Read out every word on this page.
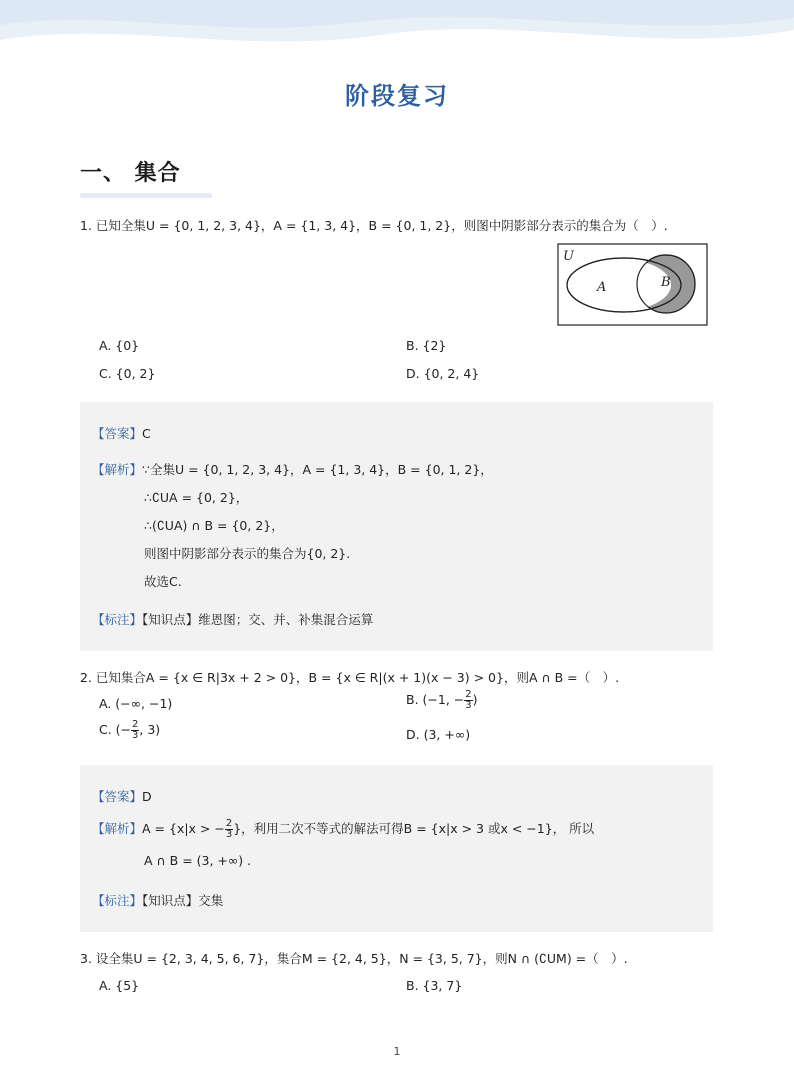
阶段复习
一、 集合
1. 已知全集U = {0, 1, 2, 3, 4}，A = {1, 3, 4}，B = {0, 1, 2}，则图中阴影部分表示的集合为（　）.
U
A	B
A. {0}	B. {2}
C. {0, 2}	D. {0, 2, 4}
【答案】C
【解析】∵全集U = {0, 1, 2, 3, 4}，A = {1, 3, 4}，B = {0, 1, 2}，
∴∁UA = {0, 2}，
∴(∁UA) ∩ B = {0, 2}，
则图中阴影部分表示的集合为{0, 2}.
故选C.
【标注】【知识点】维恩图；交、并、补集混合运算
2. 已知集合A = {x ∈ R|3x + 2 > 0}，B = {x ∈ R|(x + 1)(x − 3) > 0}，则A ∩ B =（　）.
A. (−∞, −1)	B. (−1, − $\frac{2}{3}$ )
C. (− $\frac{2}{3}$ , 3)	D. (3, +∞)
【答案】D
【解析】A = {x|x > − $\frac{2}{3}$ }，利用二次不等式的解法可得B = {x|x > 3 或x < −1}， 所以
A ∩ B = (3, +∞) .
【标注】【知识点】交集
3. 设全集U = {2, 3, 4, 5, 6, 7}，集合M = {2, 4, 5}，N = {3, 5, 7}，则N ∩ (∁UM) =（　）.
A. {5}	B. {3, 7}
1
